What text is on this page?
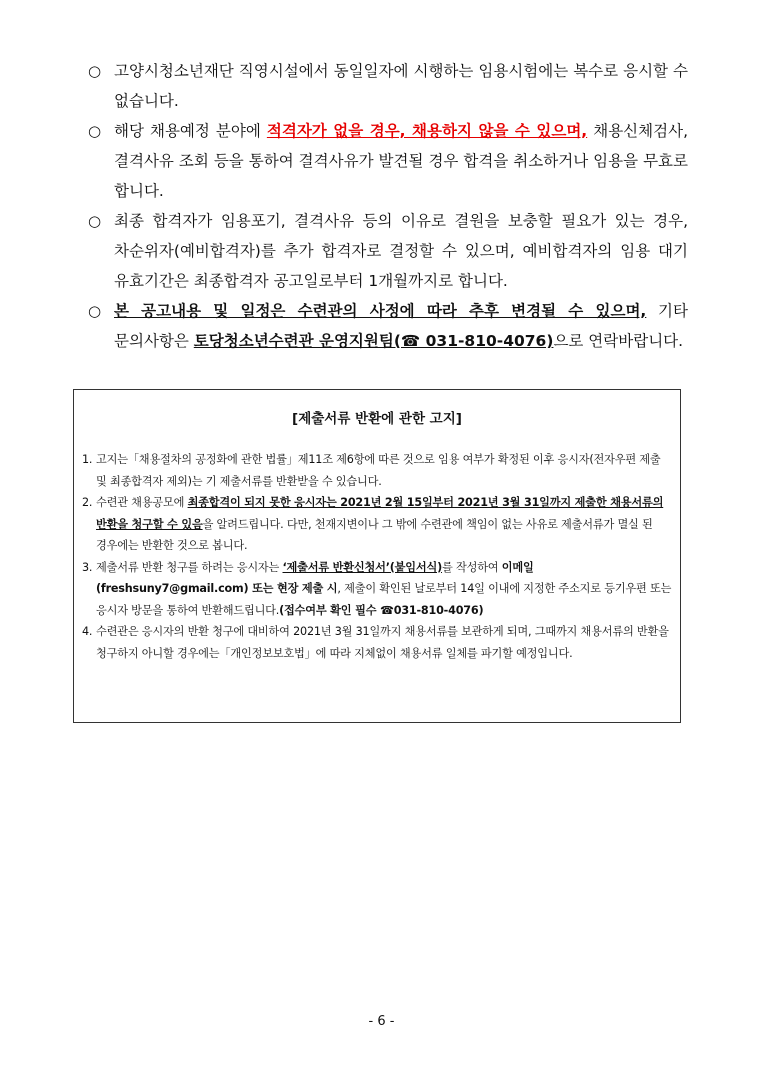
○ 고양시청소년재단 직영시설에서 동일일자에 시행하는 임용시험에는 복수로 응시할 수 없습니다.
○ 해당 채용예정 분야에 적격자가 없을 경우, 채용하지 않을 수 있으며, 채용신체검사, 결격사유 조회 등을 통하여 결격사유가 발견될 경우 합격을 취소하거나 임용을 무효로 합니다.
○ 최종 합격자가 임용포기, 결격사유 등의 이유로 결원을 보충할 필요가 있는 경우, 차순위자(예비합격자)를 추가 합격자로 결정할 수 있으며, 예비합격자의 임용 대기 유효기간은 최종합격자 공고일로부터 1개월까지로 합니다.
○ 본 공고내용 및 일정은 수련관의 사정에 따라 추후 변경될 수 있으며, 기타 문의사항은 토당청소년수련관 운영지원팀(☎ 031-810-4076)으로 연락바랍니다.
[제출서류 반환에 관한 고지]
1. 고지는「채용절차의 공정화에 관한 법률」제11조 제6항에 따른 것으로 임용 여부가 확정된 이후 응시자(전자우편 제출 및 최종합격자 제외)는 기 제출서류를 반환받을 수 있습니다.
2. 수련관 채용공모에 최종합격이 되지 못한 응시자는 2021년 2월 15일부터 2021년 3월 31일까지 제출한 채용서류의 반환을 청구할 수 있음을 알려드립니다. 다만, 천재지변이나 그 밖에 수련관에 책임이 없는 사유로 제출서류가 멸실 된 경우에는 반환한 것으로 봅니다.
3. 제출서류 반환 청구를 하려는 응시자는 ‘제출서류 반환신청서’(붙임서식)를 작성하여 이메일(freshsuny7@gmail.com) 또는 현장 제출 시, 제출이 확인된 날로부터 14일 이내에 지정한 주소지로 등기우편 또는 응시자 방문을 통하여 반환해드립니다.(접수여부 확인 필수 ☎031-810-4076)
4. 수련관은 응시자의 반환 청구에 대비하여 2021년 3월 31일까지 채용서류를 보관하게 되며, 그때까지 채용서류의 반환을 청구하지 아니할 경우에는「개인정보보호법」에 따라 지체없이 채용서류 일체를 파기할 예정입니다.
- 6 -
